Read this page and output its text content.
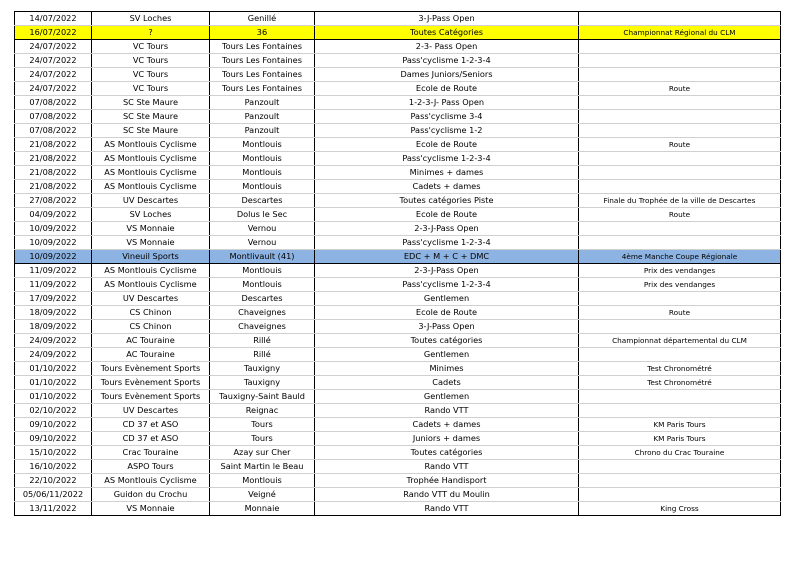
14/07/2022	SV Loches	Genillé	3-J-Pass Open	
16/07/2022	?	36	Toutes Catégories	Championnat Régional du CLM
24/07/2022	VC Tours	Tours Les Fontaines	2-3- Pass Open	
24/07/2022	VC Tours	Tours Les Fontaines	Pass'cyclisme 1-2-3-4	
24/07/2022	VC Tours	Tours Les Fontaines	Dames Juniors/Seniors	
24/07/2022	VC Tours	Tours Les Fontaines	Ecole de Route	Route
07/08/2022	SC Ste Maure	Panzoult	1-2-3-J- Pass Open	
07/08/2022	SC Ste Maure	Panzoult	Pass'cyclisme 3-4	
07/08/2022	SC Ste Maure	Panzoult	Pass'cyclisme 1-2	
21/08/2022	AS Montlouis Cyclisme	Montlouis	Ecole de Route	Route
21/08/2022	AS Montlouis Cyclisme	Montlouis	Pass'cyclisme 1-2-3-4	
21/08/2022	AS Montlouis Cyclisme	Montlouis	Minimes + dames	
21/08/2022	AS Montlouis Cyclisme	Montlouis	Cadets + dames	
27/08/2022	UV Descartes	Descartes	Toutes catégories Piste	Finale du Trophée de la ville de Descartes
04/09/2022	SV Loches	Dolus le Sec	Ecole de Route	Route
10/09/2022	VS Monnaie	Vernou	2-3-J-Pass Open	
10/09/2022	VS Monnaie	Vernou	Pass'cyclisme 1-2-3-4	
10/09/2022	Vineuil Sports	Montlivault (41)	EDC + M + C + DMC	4ème Manche Coupe Régionale
11/09/2022	AS Montlouis Cyclisme	Montlouis	2-3-J-Pass Open	Prix des vendanges
11/09/2022	AS Montlouis Cyclisme	Montlouis	Pass'cyclisme 1-2-3-4	Prix des vendanges
17/09/2022	UV Descartes	Descartes	Gentlemen	
18/09/2022	CS Chinon	Chaveignes	Ecole de Route	Route
18/09/2022	CS Chinon	Chaveignes	3-J-Pass Open	
24/09/2022	AC Touraine	Rillé	Toutes catégories	Championnat départemental du CLM
24/09/2022	AC Touraine	Rillé	Gentlemen	
01/10/2022	Tours Evènement Sports	Tauxigny	Minimes	Test Chronométré
01/10/2022	Tours Evènement Sports	Tauxigny	Cadets	Test Chronométré
01/10/2022	Tours Evènement Sports	Tauxigny-Saint Bauld	Gentlemen	
02/10/2022	UV Descartes	Reignac	Rando VTT	
09/10/2022	CD 37 et ASO	Tours	Cadets + dames	KM Paris Tours
09/10/2022	CD 37 et ASO	Tours	Juniors + dames	KM Paris Tours
15/10/2022	Crac Touraine	Azay sur Cher	Toutes catégories	Chrono du Crac Touraine
16/10/2022	ASPO Tours	Saint Martin le Beau	Rando VTT	
22/10/2022	AS Montlouis Cyclisme	Montlouis	Trophée Handisport	
05/06/11/2022	Guidon du Crochu	Veigné	Rando VTT du Moulin	
13/11/2022	VS Monnaie	Monnaie	Rando VTT	King Cross
